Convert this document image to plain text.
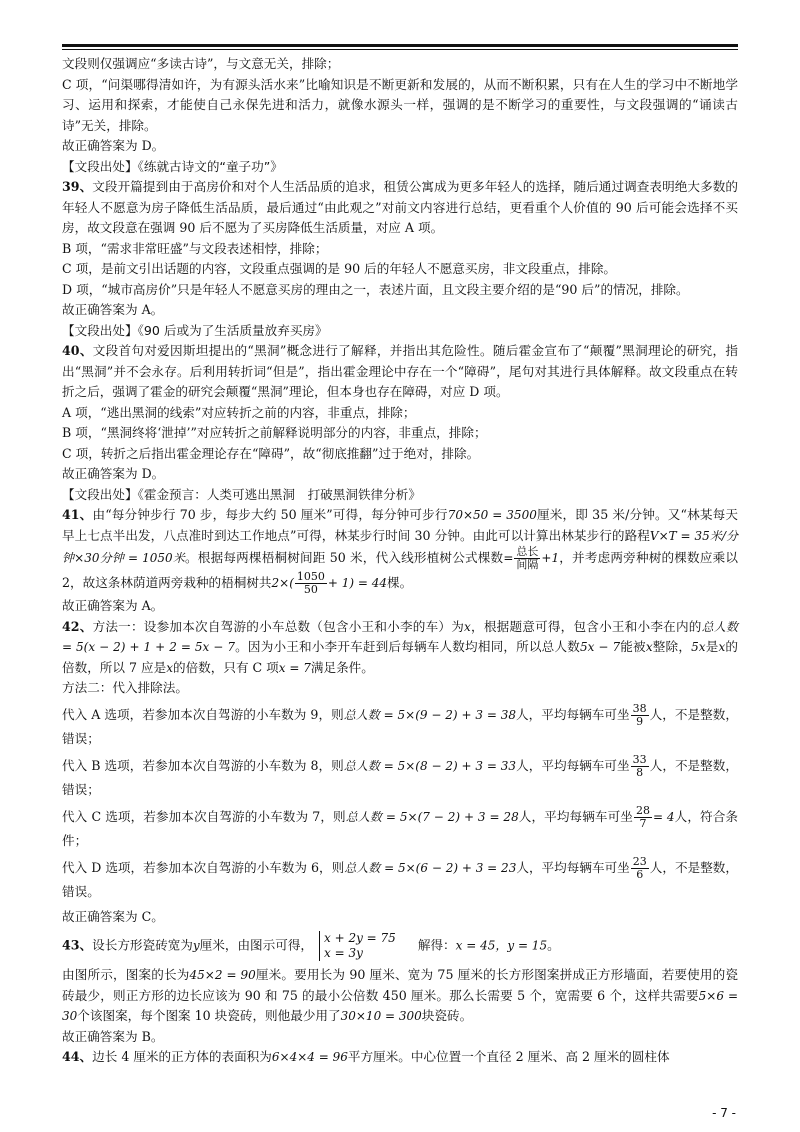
文段则仅强调应“多读古诗”，与文意无关，排除；

C 项，“问渠哪得清如许，为有源头活水来”比喻知识是不断更新和发展的，从而不断积累，只有在人生的学习中不断地学习、运用和探索，才能使自己永保先进和活力，就像水源头一样，强调的是不断学习的重要性，与文段强调的“诵读古诗”无关，排除。

故正确答案为 D。

【文段出处】《练就古诗文的“童子功”》

39、文段开篇提到由于高房价和对个人生活品质的追求，租赁公寓成为更多年轻人的选择，随后通过调查表明绝大多数的年轻人不愿意为房子降低生活品质，最后通过“由此观之”对前文内容进行总结，更看重个人价值的 90 后可能会选择不买房，故文段意在强调 90 后不愿为了买房降低生活质量，对应 A 项。

B 项，“需求非常旺盛”与文段表述相悖，排除；

C 项，是前文引出话题的内容，文段重点强调的是 90 后的年轻人不愿意买房，非文段重点，排除。

D 项，“城市高房价”只是年轻人不愿意买房的理由之一，表述片面，且文段主要介绍的是“90 后”的情况，排除。

故正确答案为 A。

【文段出处】《90 后或为了生活质量放弃买房》

40、文段首句对爱因斯坦提出的“黑洞”概念进行了解释，并指出其危险性。随后霍金宣布了“颠覆”黑洞理论的研究，指出“黑洞”并不会永存。后利用转折词“但是”，指出霍金理论中存在一个“障碍”，尾句对其进行具体解释。故文段重点在转折之后，强调了霍金的研究会颠覆“黑洞”理论，但本身也存在障碍，对应 D 项。

A 项，“逃出黑洞的线索”对应转折之前的内容，非重点，排除；

B 项，“黑洞终将‘泄掉’”对应转折之前解释说明部分的内容，非重点，排除；

C 项，转折之后指出霍金理论存在“障碍”，故“彻底推翻”过于绝对，排除。

故正确答案为 D。

【文段出处】《霍金预言：人类可逃出黑洞　打破黑洞铁律分析》

41、由“每分钟步行 70 步，每步大约 50 厘米”可得，每分钟可步行70×50 = 3500厘米，即 35 米/分钟。又“林某每天早上七点半出发，八点准时到达工作地点”可得，林某步行时间 30 分钟。由此可以计算出林某步行的路程V×T = 35米/分钟×30分钟 = 1050米。根据每两棵梧桐树间距 50 米，代入线形植树公式棵数= $\frac{\text{总长}}{\text{间隔}} +1$，并考虑两旁种树的棵数应乘以 2，故这条林荫道两旁栽种的梧桐树共$2\times( \frac{1050}{50} + 1) = 44$棵。

故正确答案为 A。

42、方法一：设参加本次自驾游的小车总数（包含小王和小李的车）为x，根据题意可得，包含小王和小李在内的总人数 = 5(x − 2) + 1 + 2 = 5x − 7。因为小王和小李开车赶到后每辆车人数均相同，所以总人数5x − 7能被x整除，5x是x的倍数，所以 7 应是x的倍数，只有 C 项x = 7满足条件。

方法二：代入排除法。

代入 A 选项，若参加本次自驾游的小车数为 9，则总人数 = 5×(9 − 2) + 3 = 38人，平均每辆车可坐 $\frac{38}{9}$ 人，不是整数，错误；

代入 B 选项，若参加本次自驾游的小车数为 8，则总人数 = 5×(8 − 2) + 3 = 33人，平均每辆车可坐 $\frac{33}{8}$ 人，不是整数，错误；

代入 C 选项，若参加本次自驾游的小车数为 7，则总人数 = 5×(7 − 2) + 3 = 28人，平均每辆车可坐 $\frac{28}{7} = 4$人，符合条件；

代入 D 选项，若参加本次自驾游的小车数为 6，则总人数 = 5×(6 − 2) + 3 = 23人，平均每辆车可坐 $\frac{23}{6}$ 人，不是整数，错误。

故正确答案为 C。

43、设长方形瓷砖宽为y厘米，由图示可得， x + 2y = 75
x = 3y
解得：x = 45，y = 15。

由图所示，图案的长为45×2 = 90厘米。要用长为 90 厘米、宽为 75 厘米的长方形图案拼成正方形墙面，若要使用的瓷砖最少，则正方形的边长应该为 90 和 75 的最小公倍数 450 厘米。那么长需要 5 个，宽需要 6 个，这样共需要5×6 = 30个该图案，每个图案 10 块瓷砖，则他最少用了30×10 = 300块瓷砖。

故正确答案为 B。

44、边长 4 厘米的正方体的表面积为6×4×4 = 96平方厘米。中心位置一个直径 2 厘米、高 2 厘米的圆柱体

- 7 -
